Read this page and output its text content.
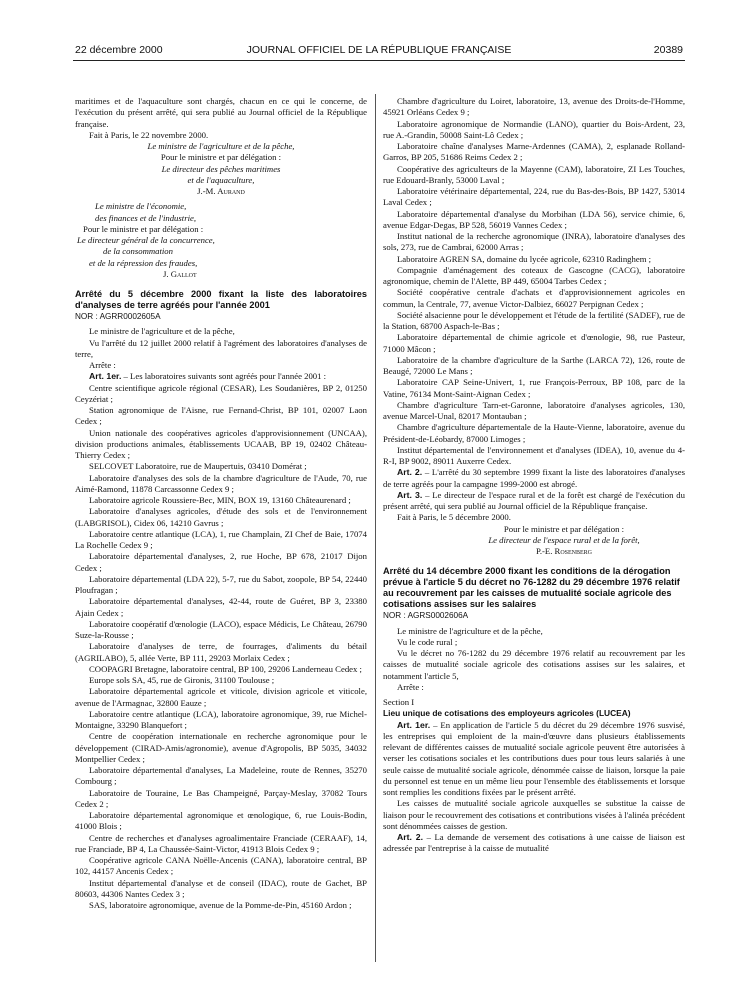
22 décembre 2000	JOURNAL OFFICIEL DE LA RÉPUBLIQUE FRANÇAISE	20389

maritimes et de l'aquaculture sont chargés, chacun en ce qui le concerne, de l'exécution du présent arrêté, qui sera publié au Journal officiel de la République française.

Fait à Paris, le 22 novembre 2000.

Le ministre de l'agriculture et de la pêche,

Pour le ministre et par délégation :

Le directeur des pêches maritimes

et de l'aquaculture,

J.-M. Aurand

Le ministre de l'économie,

des finances et de l'industrie,

Pour le ministre et par délégation :

Le directeur général de la concurrence,

de la consommation

et de la répression des fraudes,

J. Gallot

Arrêté du 5 décembre 2000 fixant la liste des laboratoires d'analyses de terre agréés pour l'année 2001

NOR : AGRR0002605A

Le ministre de l'agriculture et de la pêche,

Vu l'arrêté du 12 juillet 2000 relatif à l'agrément des laboratoires d'analyses de terre,

Arrête :

Art. 1er. – Les laboratoires suivants sont agréés pour l'année 2001 :

Centre scientifique agricole régional (CESAR), Les Soudanières, BP 2, 01250 Ceyzériat ;

Station agronomique de l'Aisne, rue Fernand-Christ, BP 101, 02007 Laon Cedex ;

Union nationale des coopératives agricoles d'approvisionnement (UNCAA), division productions animales, établissements UCAAB, BP 19, 02402 Château-Thierry Cedex ;

SELCOVET Laboratoire, rue de Maupertuis, 03410 Domérat ;

Laboratoire d'analyses des sols de la chambre d'agriculture de l'Aude, 70, rue Aimé-Ramond, 11878 Carcassonne Cedex 9 ;

Laboratoire agricole Roussiere-Bec, MIN, BOX 19, 13160 Châteaurenard ;

Laboratoire d'analyses agricoles, d'étude des sols et de l'environnement (LABGRISOL), Cidex 06, 14210 Gavrus ;

Laboratoire centre atlantique (LCA), 1, rue Champlain, ZI Chef de Baie, 17074 La Rochelle Cedex 9 ;

Laboratoire départemental d'analyses, 2, rue Hoche, BP 678, 21017 Dijon Cedex ;

Laboratoire départemental (LDA 22), 5-7, rue du Sabot, zoopole, BP 54, 22440 Ploufragan ;

Laboratoire départemental d'analyses, 42-44, route de Guéret, BP 3, 23380 Ajain Cedex ;

Laboratoire coopératif d'œnologie (LACO), espace Médicis, Le Château, 26790 Suze-la-Rousse ;

Laboratoire d'analyses de terre, de fourrages, d'aliments du bétail (AGRILABO), 5, allée Verte, BP 111, 29203 Morlaix Cedex ;

COOPAGRI Bretagne, laboratoire central, BP 100, 29206 Landerneau Cedex ;

Europe sols SA, 45, rue de Gironis, 31100 Toulouse ;

Laboratoire départemental agricole et viticole, division agricole et viticole, avenue de l'Armagnac, 32800 Eauze ;

Laboratoire centre atlantique (LCA), laboratoire agronomique, 39, rue Michel-Montaigne, 33290 Blanquefort ;

Centre de coopération internationale en recherche agronomique pour le développement (CIRAD-Amis/agronomie), avenue d'Agropolis, BP 5035, 34032 Montpellier Cedex ;

Laboratoire départemental d'analyses, La Madeleine, route de Rennes, 35270 Combourg ;

Laboratoire de Touraine, Le Bas Champeigné, Parçay-Meslay, 37082 Tours Cedex 2 ;

Laboratoire départemental agronomique et œnologique, 6, rue Louis-Bodin, 41000 Blois ;

Centre de recherches et d'analyses agroalimentaire Franciade (CERAAF), 14, rue Franciade, BP 4, La Chaussée-Saint-Victor, 41913 Blois Cedex 9 ;

Coopérative agricole CANA Noëlle-Ancenis (CANA), laboratoire central, BP 102, 44157 Ancenis Cedex ;

Institut départemental d'analyse et de conseil (IDAC), route de Gachet, BP 80603, 44306 Nantes Cedex 3 ;

SAS, laboratoire agronomique, avenue de la Pomme-de-Pin, 45160 Ardon ;

Chambre d'agriculture du Loiret, laboratoire, 13, avenue des Droits-de-l'Homme, 45921 Orléans Cedex 9 ;

Laboratoire agronomique de Normandie (LANO), quartier du Bois-Ardent, 23, rue A.-Grandin, 50008 Saint-Lô Cedex ;

Laboratoire chaîne d'analyses Marne-Ardennes (CAMA), 2, esplanade Rolland-Garros, BP 205, 51686 Reims Cedex 2 ;

Coopérative des agriculteurs de la Mayenne (CAM), laboratoire, ZI Les Touches, rue Edouard-Branly, 53000 Laval ;

Laboratoire vétérinaire départemental, 224, rue du Bas-des-Bois, BP 1427, 53014 Laval Cedex ;

Laboratoire départemental d'analyse du Morbihan (LDA 56), service chimie, 6, avenue Edgar-Degas, BP 528, 56019 Vannes Cedex ;

Institut national de la recherche agronomique (INRA), laboratoire d'analyses des sols, 273, rue de Cambrai, 62000 Arras ;

Laboratoire AGREN SA, domaine du lycée agricole, 62310 Radinghem ;

Compagnie d'aménagement des coteaux de Gascogne (CACG), laboratoire agronomique, chemin de l'Alette, BP 449, 65004 Tarbes Cedex ;

Société coopérative centrale d'achats et d'approvisionnement agricoles en commun, la Centrale, 77, avenue Victor-Dalbiez, 66027 Perpignan Cedex ;

Société alsacienne pour le développement et l'étude de la fertilité (SADEF), rue de la Station, 68700 Aspach-le-Bas ;

Laboratoire départemental de chimie agricole et d'œnologie, 98, rue Pasteur, 71000 Mâcon ;

Laboratoire de la chambre d'agriculture de la Sarthe (LARCA 72), 126, route de Beaugé, 72000 Le Mans ;

Laboratoire CAP Seine-Univert, 1, rue François-Perroux, BP 108, parc de la Vatine, 76134 Mont-Saint-Aignan Cedex ;

Chambre d'agriculture Tarn-et-Garonne, laboratoire d'analyses agricoles, 130, avenue Marcel-Unal, 82017 Montauban ;

Chambre d'agriculture départementale de la Haute-Vienne, laboratoire, avenue du Président-de-Léobardy, 87000 Limoges ;

Institut départemental de l'environnement et d'analyses (IDEA), 10, avenue du 4-R-I, BP 9002, 89011 Auxerre Cedex.

Art. 2. – L'arrêté du 30 septembre 1999 fixant la liste des laboratoires d'analyses de terre agréés pour la campagne 1999-2000 est abrogé.

Art. 3. – Le directeur de l'espace rural et de la forêt est chargé de l'exécution du présent arrêté, qui sera publié au Journal officiel de la République française.

Fait à Paris, le 5 décembre 2000.

Pour le ministre et par délégation :

Le directeur de l'espace rural et de la forêt,

P.-E. Rosenberg

Arrêté du 14 décembre 2000 fixant les conditions de la dérogation prévue à l'article 5 du décret no 76-1282 du 29 décembre 1976 relatif au recouvrement par les caisses de mutualité sociale agricole des cotisations assises sur les salaires

NOR : AGRS0002606A

Le ministre de l'agriculture et de la pêche,

Vu le code rural ;

Vu le décret no 76-1282 du 29 décembre 1976 relatif au recouvrement par les caisses de mutualité sociale agricole des cotisations assises sur les salaires, et notamment l'article 5,

Arrête :

Section I

Lieu unique de cotisations des employeurs agricoles (LUCEA)

Art. 1er. – En application de l'article 5 du décret du 29 décembre 1976 susvisé, les entreprises qui emploient de la main-d'œuvre dans plusieurs établissements relevant de différentes caisses de mutualité sociale agricole peuvent être autorisées à verser les cotisations sociales et les contributions dues pour tous leurs salariés à une seule caisse de mutualité sociale agricole, dénommée caisse de liaison, lorsque la paie du personnel est tenue en un même lieu pour l'ensemble des établissements et lorsque sont remplies les conditions fixées par le présent arrêté.

Les caisses de mutualité sociale agricole auxquelles se substitue la caisse de liaison pour le recouvrement des cotisations et contributions visées à l'alinéa précédent sont dénommées caisses de gestion.

Art. 2. – La demande de versement des cotisations à une caisse de liaison est adressée par l'entreprise à la caisse de mutualité
